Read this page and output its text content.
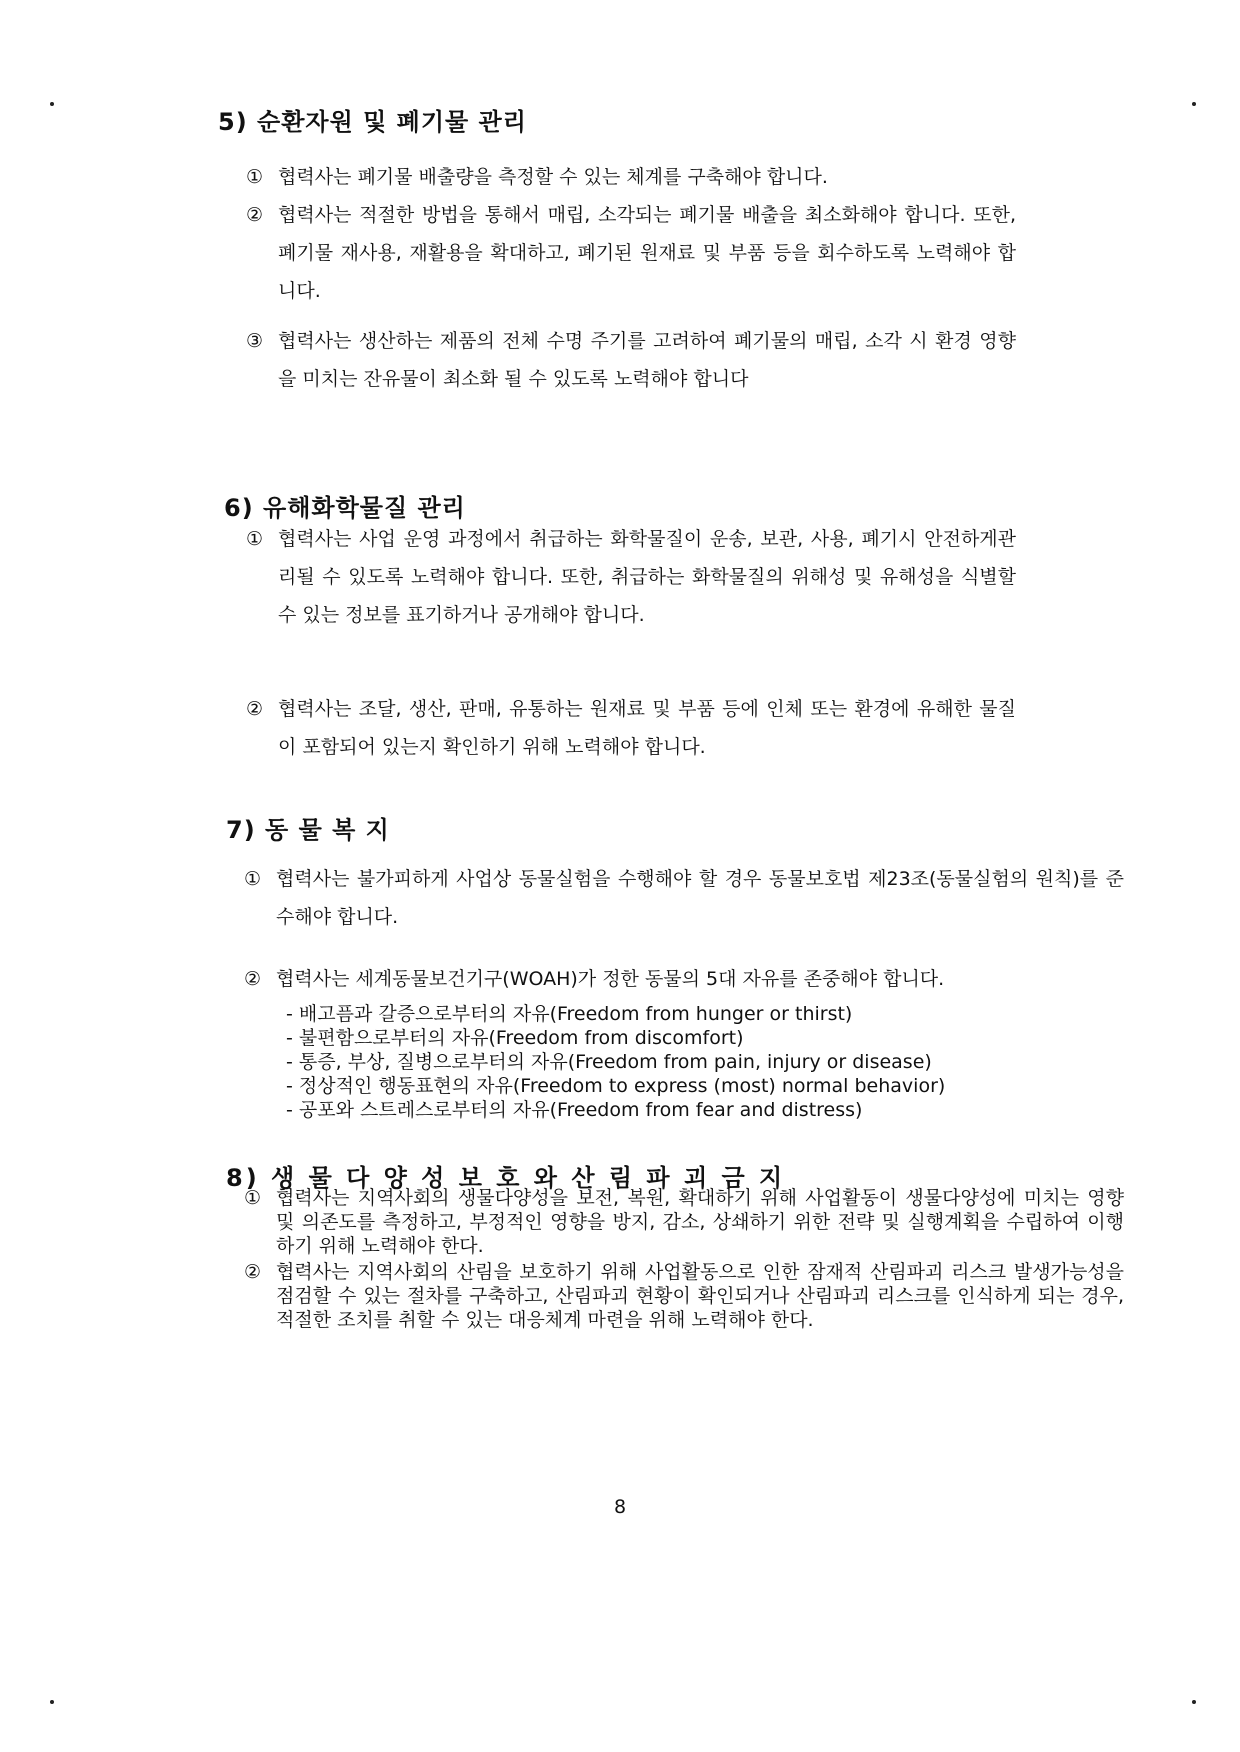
5) 순환자원 및 폐기물 관리
① 협력사는 폐기물 배출량을 측정할 수 있는 체계를 구축해야 합니다.
② 협력사는 적절한 방법을 통해서 매립, 소각되는 폐기물 배출을 최소화해야 합니다. 또한, 폐기물 재사용, 재활용을 확대하고, 폐기된 원재료 및 부품 등을 회수하도록 노력해야 합니다.
③ 협력사는 생산하는 제품의 전체 수명 주기를 고려하여 폐기물의 매립, 소각 시 환경 영향을 미치는 잔유물이 최소화 될 수 있도록 노력해야 합니다
6) 유해화학물질 관리
① 협력사는 사업 운영 과정에서 취급하는 화학물질이 운송, 보관, 사용, 폐기시 안전하게관리될 수 있도록 노력해야 합니다. 또한, 취급하는 화학물질의 위해성 및 유해성을 식별할 수 있는 정보를 표기하거나 공개해야 합니다.
② 협력사는 조달, 생산, 판매, 유통하는 원재료 및 부품 등에 인체 또는 환경에 유해한 물질이 포함되어 있는지 확인하기 위해 노력해야 합니다.
7) 동 물 복 지
① 협력사는 불가피하게 사업상 동물실험을 수행해야 할 경우 동물보호법 제23조(동물실험의 원칙)를 준수해야 합니다.
② 협력사는 세계동물보건기구(WOAH)가 정한 동물의 5대 자유를 존중해야 합니다.
- 배고픔과 갈증으로부터의 자유(Freedom from hunger or thirst)
- 불편함으로부터의 자유(Freedom from discomfort)
- 통증, 부상, 질병으로부터의 자유(Freedom from pain, injury or disease)
- 정상적인 행동표현의 자유(Freedom to express (most) normal behavior)
- 공포와 스트레스로부터의 자유(Freedom from fear and distress)
8) 생 물 다 양 성 보 호 와 산 림 파 괴 금 지
① 협력사는 지역사회의 생물다양성을 보전, 복원, 확대하기 위해 사업활동이 생물다양성에 미치는 영향 및 의존도를 측정하고, 부정적인 영향을 방지, 감소, 상쇄하기 위한 전략 및 실행계획을 수립하여 이행하기 위해 노력해야 한다.
② 협력사는 지역사회의 산림을 보호하기 위해 사업활동으로 인한 잠재적 산림파괴 리스크 발생가능성을 점검할 수 있는 절차를 구축하고, 산림파괴 현황이 확인되거나 산림파괴 리스크를 인식하게 되는 경우, 적절한 조치를 취할 수 있는 대응체계 마련을 위해 노력해야 한다.
8
